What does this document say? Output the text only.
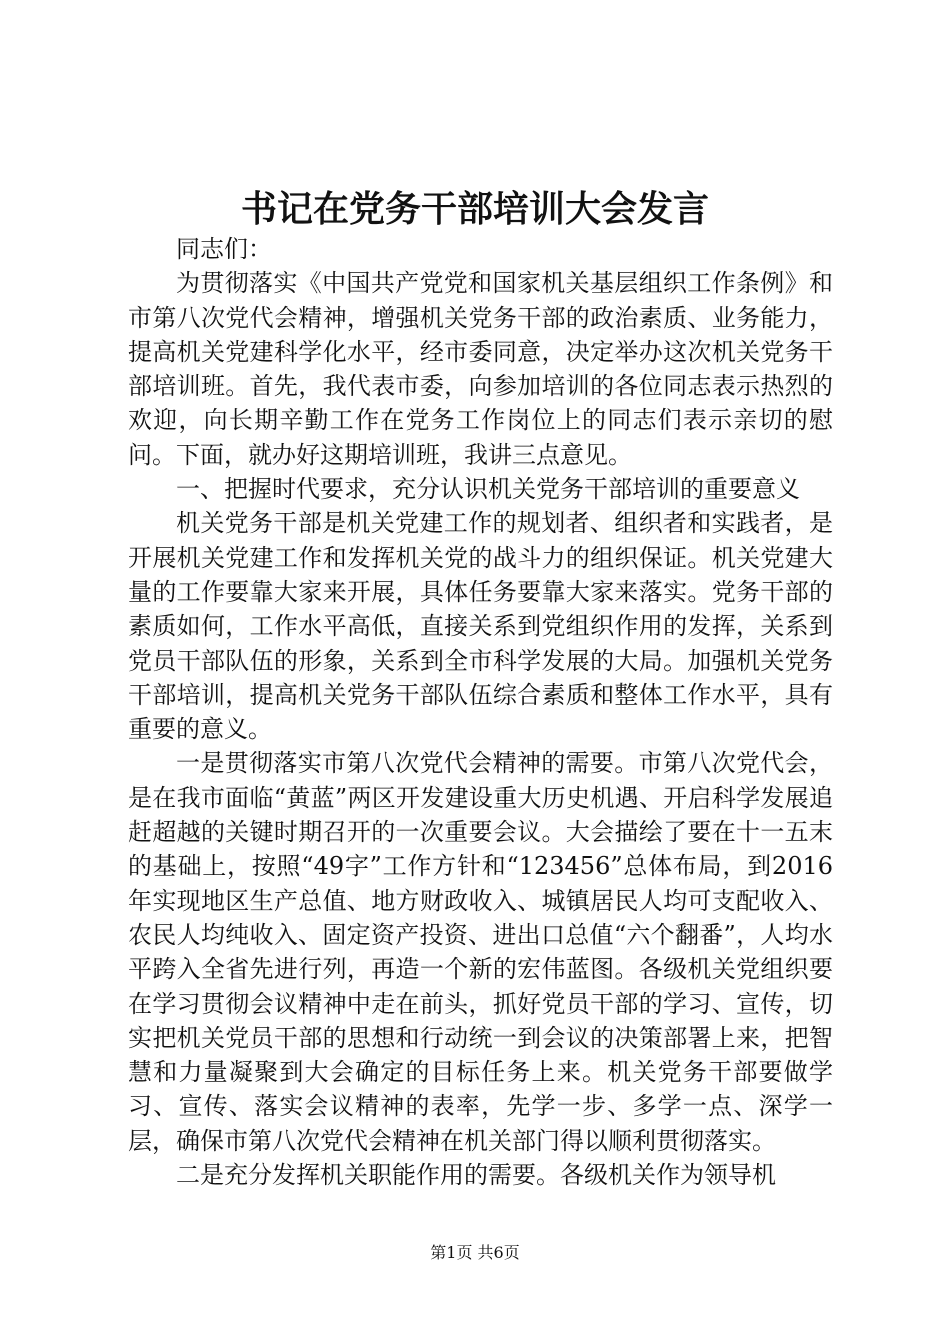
书记在党务干部培训大会发言

同志们：

为贯彻落实《中国共产党党和国家机关基层组织工作条例》和市第八次党代会精神，增强机关党务干部的政治素质、业务能力，提高机关党建科学化水平，经市委同意，决定举办这次机关党务干部培训班。首先，我代表市委，向参加培训的各位同志表示热烈的欢迎，向长期辛勤工作在党务工作岗位上的同志们表示亲切的慰问。下面，就办好这期培训班，我讲三点意见。

一、把握时代要求，充分认识机关党务干部培训的重要意义

机关党务干部是机关党建工作的规划者、组织者和实践者，是开展机关党建工作和发挥机关党的战斗力的组织保证。机关党建大量的工作要靠大家来开展，具体任务要靠大家来落实。党务干部的素质如何，工作水平高低，直接关系到党组织作用的发挥，关系到党员干部队伍的形象，关系到全市科学发展的大局。加强机关党务干部培训，提高机关党务干部队伍综合素质和整体工作水平，具有重要的意义。

一是贯彻落实市第八次党代会精神的需要。市第八次党代会，是在我市面临“黄蓝”两区开发建设重大历史机遇、开启科学发展追赶超越的关键时期召开的一次重要会议。大会描绘了要在十一五末的基础上，按照“49字”工作方针和“123456”总体布局，到2016年实现地区生产总值、地方财政收入、城镇居民人均可支配收入、农民人均纯收入、固定资产投资、进出口总值“六个翻番”，人均水平跨入全省先进行列，再造一个新的宏伟蓝图。各级机关党组织要在学习贯彻会议精神中走在前头，抓好党员干部的学习、宣传，切实把机关党员干部的思想和行动统一到会议的决策部署上来，把智慧和力量凝聚到大会确定的目标任务上来。机关党务干部要做学习、宣传、落实会议精神的表率，先学一步、多学一点、深学一层，确保市第八次党代会精神在机关部门得以顺利贯彻落实。

二是充分发挥机关职能作用的需要。各级机关作为领导机

第1页 共6页
